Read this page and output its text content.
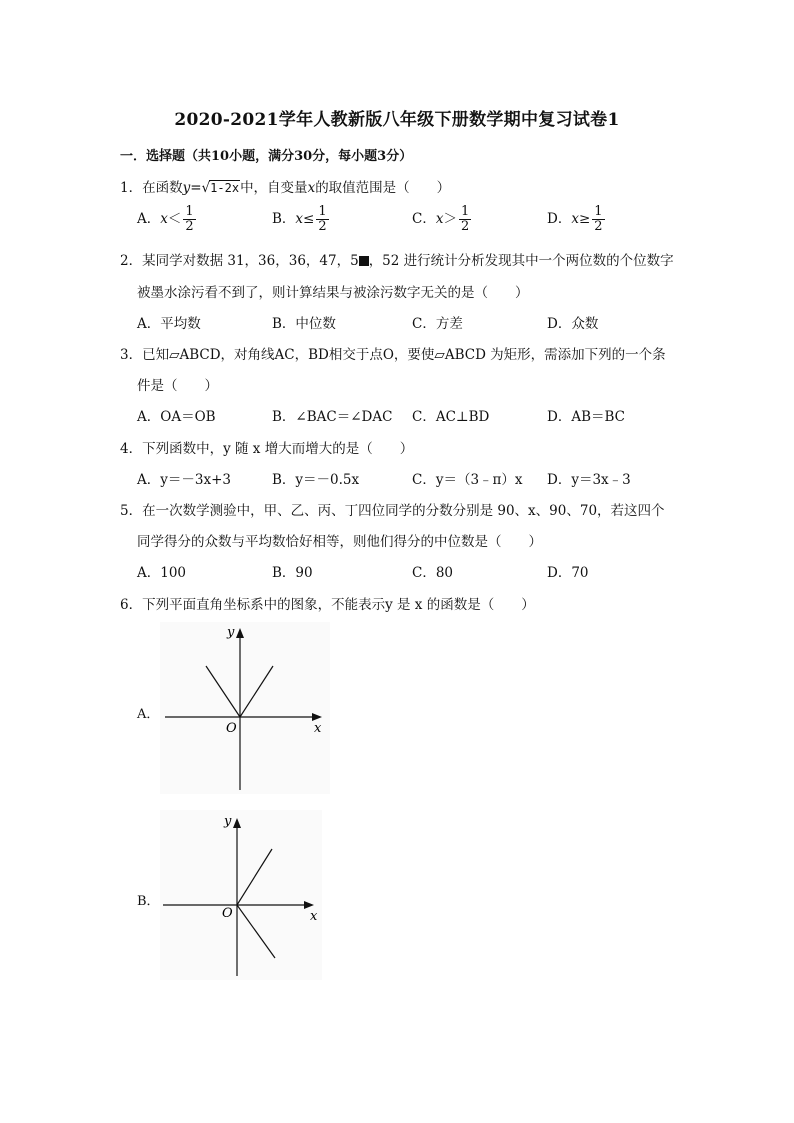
2020-2021学年人教新版八年级下册数学期中复习试卷1
一．选择题（共10小题，满分30分，每小题3分）
1．在函数y=√1-2x中，自变量x的取值范围是（　　）
A．$x< \frac{1}{2}$	B．$x\le \frac{1}{2}$	C．$x> \frac{1}{2}$	D．$x\ge \frac{1}{2}$
2．某同学对数据 31，36，36，47，5 ，52 进行统计分析发现其中一个两位数的个位数字
被墨水涂污看不到了，则计算结果与被涂污数字无关的是（　　）
A．平均数	B．中位数	C．方差	D．众数
3．已知▱ABCD，对角线AC，BD相交于点O，要使▱ABCD 为矩形，需添加下列的一个条
件是（　　）
A．OA＝OB	B．∠BAC＝∠DAC C．AC⊥BD	D．AB＝BC
4．下列函数中，y 随 x 增大而增大的是（　　）
A．y＝－3x+3	B．y＝－0.5x	C．y＝（3﹣π）x D．y＝3x﹣3
5．在一次数学测验中，甲、乙、丙、丁四位同学的分数分别是 90、x、90、70，若这四个
同学得分的众数与平均数恰好相等，则他们得分的中位数是（　　）
A．100	B．90	C．80	D．70
6．下列平面直角坐标系中的图象，不能表示y 是 x 的函数是（　　）
A．
y
x
O
B．
y
x
O
